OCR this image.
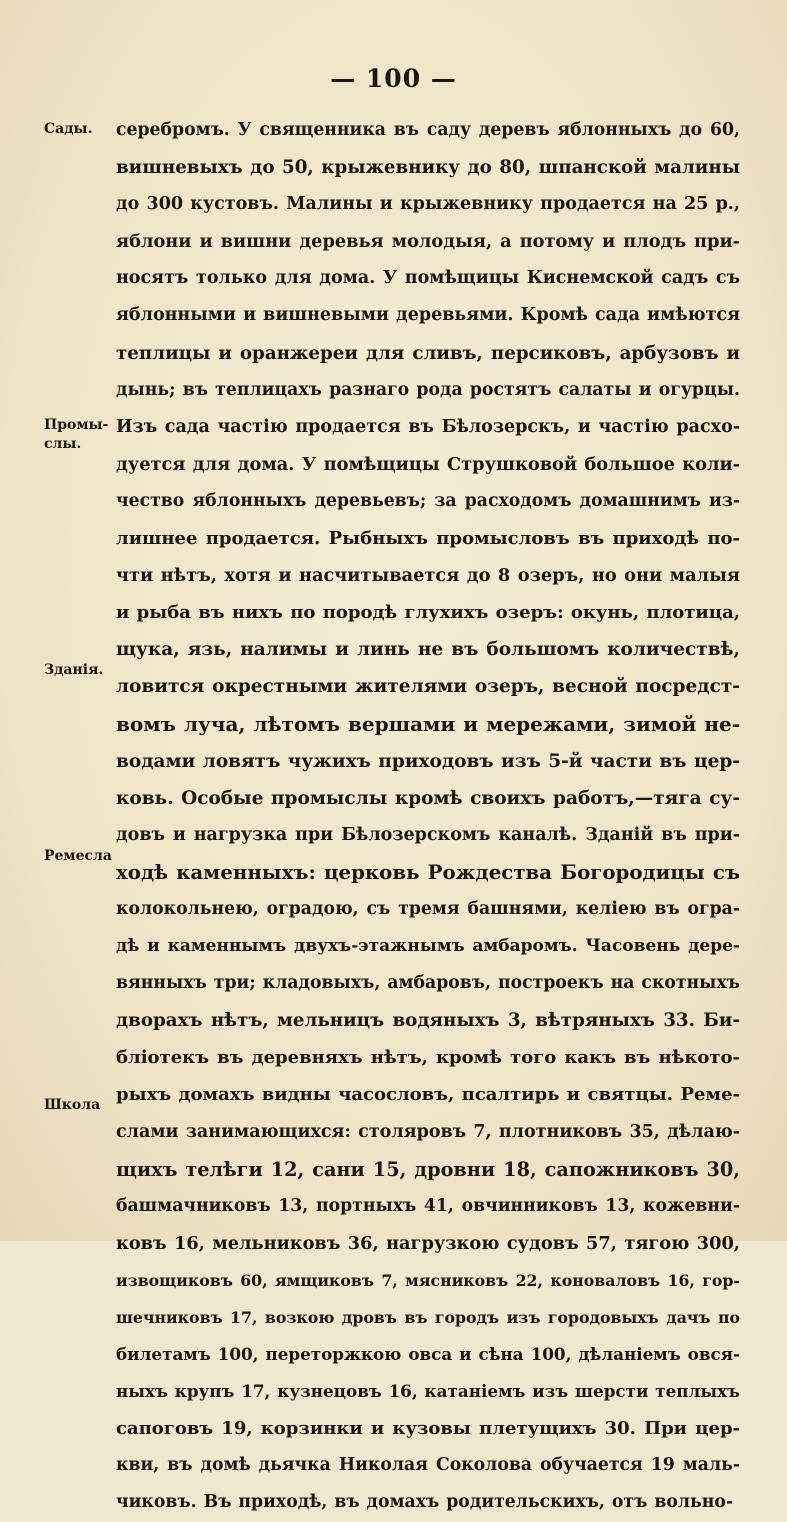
— 100 —
Сады.
Промы-
слы.
Зданія.
Ремесла
Школа
серебромъ. У священника въ саду деревъ яблонныхъ до 60,
вишневыхъ до 50, крыжевнику до 80, шпанской малины
до 300 кустовъ. Малины и крыжевнику продается на 25 р.,
яблони и вишни деревья молодыя, а потому и плодъ при-
носятъ только для дома. У помѣщицы Киснемской садъ съ
яблонными и вишневыми деревьями. Кромѣ сада имѣются
теплицы и оранжереи для сливъ, персиковъ, арбузовъ и
дынь; въ теплицахъ разнаго рода ростятъ салаты и огурцы.
Изъ сада частію продается въ Бѣлозерскъ, и частію расхо-
дуется для дома. У помѣщицы Струшковой большое коли-
чество яблонныхъ деревьевъ; за расходомъ домашнимъ из-
лишнее продается. Рыбныхъ промысловъ въ приходѣ по-
чти нѣтъ, хотя и насчитывается до 8 озеръ, но они малыя
и рыба въ нихъ по породѣ глухихъ озеръ: окунь, плотица,
щука, язь, налимы и линь не въ большомъ количествѣ,
ловится окрестными жителями озеръ, весной посредст-
вомъ луча, лѣтомъ вершами и мережами, зимой не-
водами ловятъ чужихъ приходовъ изъ 5-й части въ цер-
ковь. Особые промыслы кромѣ своихъ работъ,—тяга су-
довъ и нагрузка при Бѣлозерскомъ каналѣ. Зданій въ при-
ходѣ каменныхъ: церковь Рождества Богородицы съ
колокольнею, оградою, съ тремя башнями, келіею въ огра-
дѣ и каменнымъ двухъ-этажнымъ амбаромъ. Часовень дере-
вянныхъ три; кладовыхъ, амбаровъ, построекъ на скотныхъ
дворахъ нѣтъ, мельницъ водяныхъ 3, вѣтряныхъ 33. Би-
бліотекъ въ деревняхъ нѣтъ, кромѣ того какъ въ нѣкото-
рыхъ домахъ видны часословъ, псалтирь и святцы. Реме-
слами занимающихся: столяровъ 7, плотниковъ 35, дѣлаю-
щихъ телѣги 12, сани 15, дровни 18, сапожниковъ 30,
башмачниковъ 13, портныхъ 41, овчинниковъ 13, кожевни-
ковъ 16, мельниковъ 36, нагрузкою судовъ 57, тягою 300,
извощиковъ 60, ямщиковъ 7, мясниковъ 22, коноваловъ 16, гор-
шечниковъ 17, возкою дровъ въ городъ изъ городовыхъ дачъ по
билетамъ 100, переторжкою овса и сѣна 100, дѣланіемъ овся-
ныхъ крупъ 17, кузнецовъ 16, катаніемъ изъ шерсти теплыхъ
сапоговъ 19, корзинки и кузовы плетущихъ 30. При цер-
кви, въ домѣ дьячка Николая Соколова обучается 19 маль-
чиковъ. Въ приходѣ, въ домахъ родительскихъ, отъ вольно-
